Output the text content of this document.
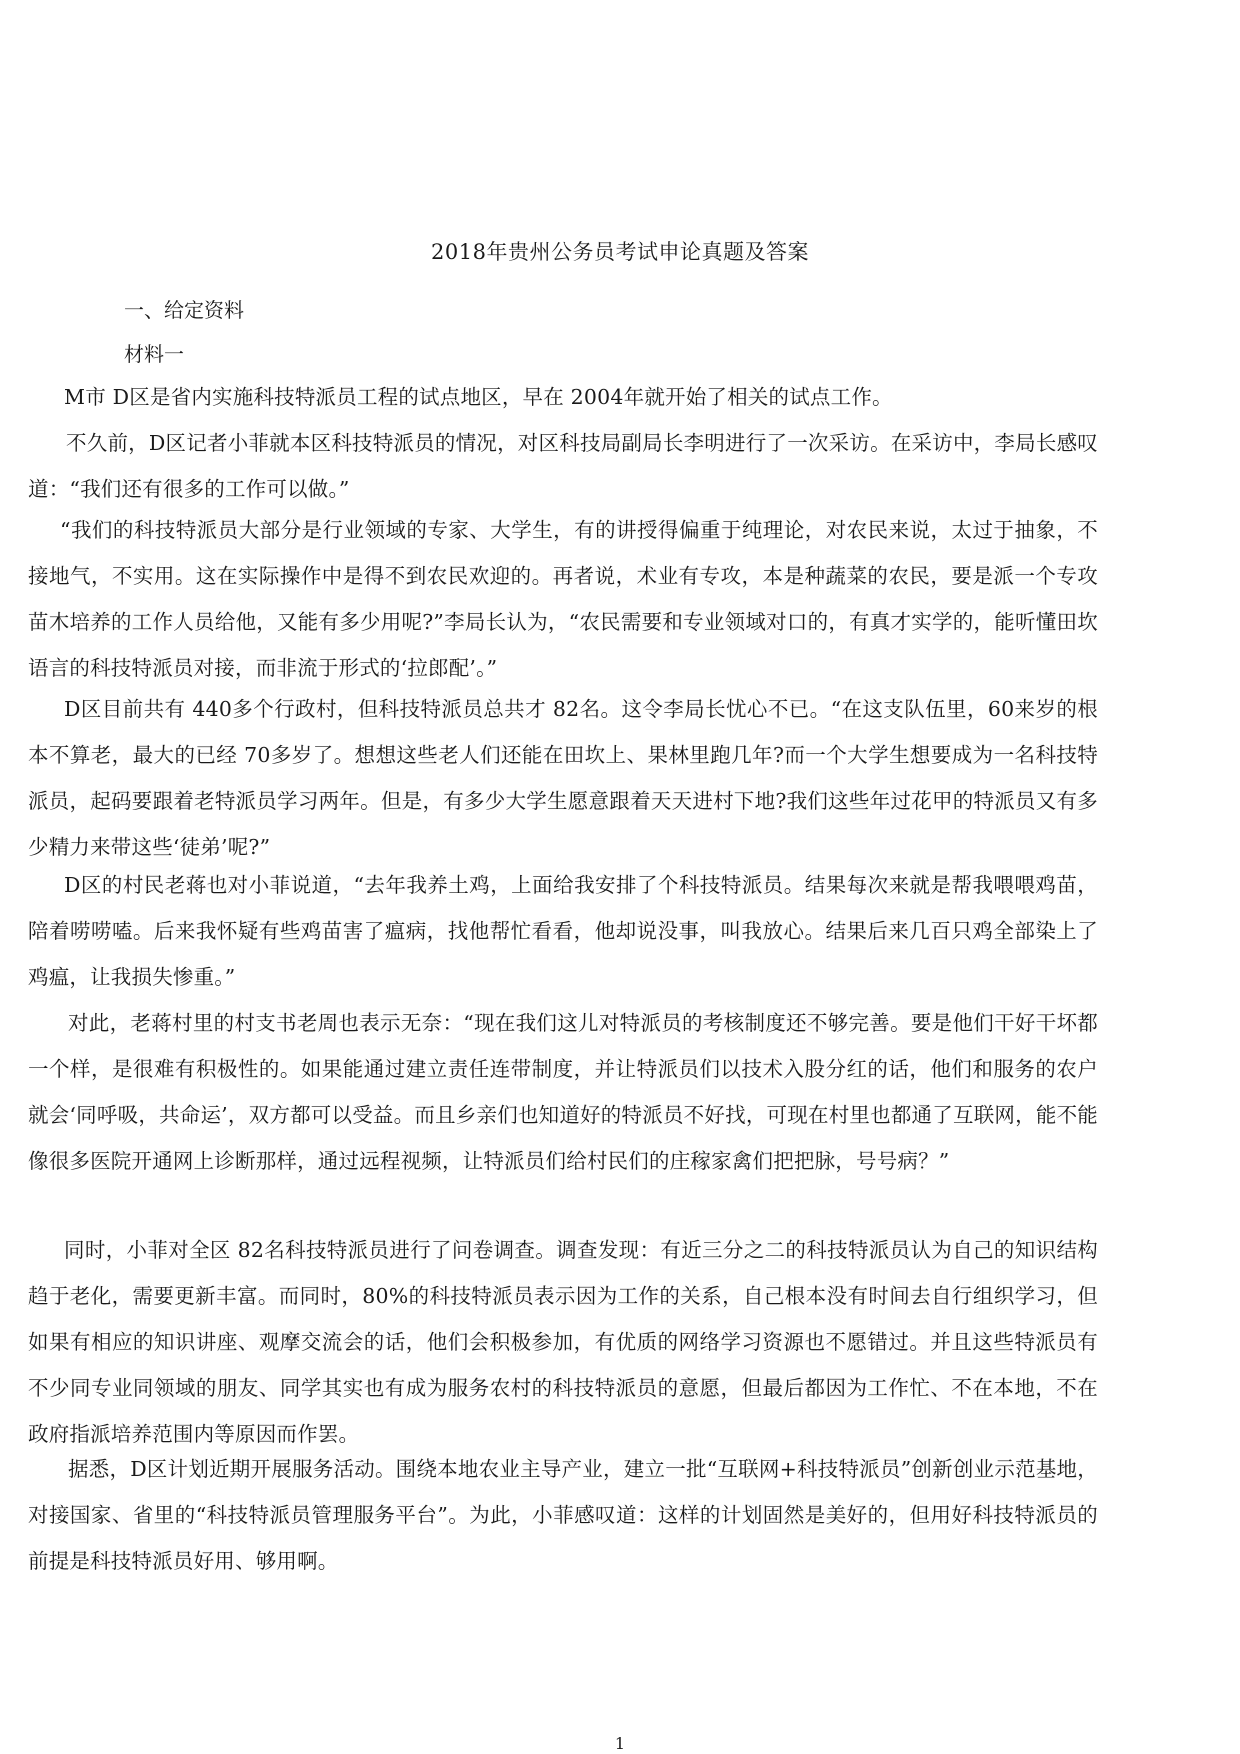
2018年贵州公务员考试申论真题及答案
一、给定资料
材料一
M市 D区是省内实施科技特派员工程的试点地区，早在 2004年就开始了相关的试点工作。
不久前，D区记者小菲就本区科技特派员的情况，对区科技局副局长李明进行了一次采访。在采访中，李局长感叹道：“我们还有很多的工作可以做。”
“我们的科技特派员大部分是行业领域的专家、大学生，有的讲授得偏重于纯理论，对农民来说，太过于抽象，不接地气，不实用。这在实际操作中是得不到农民欢迎的。再者说，术业有专攻，本是种蔬菜的农民，要是派一个专攻苗木培养的工作人员给他，又能有多少用呢?”李局长认为，“农民需要和专业领域对口的，有真才实学的，能听懂田坎语言的科技特派员对接，而非流于形式的‘拉郎配’。”
D区目前共有 440多个行政村，但科技特派员总共才 82名。这令李局长忧心不已。“在这支队伍里，60来岁的根本不算老，最大的已经 70多岁了。想想这些老人们还能在田坎上、果林里跑几年?而一个大学生想要成为一名科技特派员，起码要跟着老特派员学习两年。但是，有多少大学生愿意跟着天天进村下地?我们这些年过花甲的特派员又有多少精力来带这些‘徒弟’呢?”
D区的村民老蒋也对小菲说道，“去年我养土鸡，上面给我安排了个科技特派员。结果每次来就是帮我喂喂鸡苗，陪着唠唠嗑。后来我怀疑有些鸡苗害了瘟病，找他帮忙看看，他却说没事，叫我放心。结果后来几百只鸡全部染上了鸡瘟，让我损失惨重。”
对此，老蒋村里的村支书老周也表示无奈：“现在我们这儿对特派员的考核制度还不够完善。要是他们干好干坏都一个样，是很难有积极性的。如果能通过建立责任连带制度，并让特派员们以技术入股分红的话，他们和服务的农户就会‘同呼吸，共命运’，双方都可以受益。而且乡亲们也知道好的特派员不好找，可现在村里也都通了互联网，能不能像很多医院开通网上诊断那样，通过远程视频，让特派员们给村民们的庄稼家禽们把把脉，号号病？”
同时，小菲对全区 82名科技特派员进行了问卷调查。调查发现：有近三分之二的科技特派员认为自己的知识结构趋于老化，需要更新丰富。而同时，80%的科技特派员表示因为工作的关系，自己根本没有时间去自行组织学习，但如果有相应的知识讲座、观摩交流会的话，他们会积极参加，有优质的网络学习资源也不愿错过。并且这些特派员有不少同专业同领域的朋友、同学其实也有成为服务农村的科技特派员的意愿，但最后都因为工作忙、不在本地，不在政府指派培养范围内等原因而作罢。
据悉，D区计划近期开展服务活动。围绕本地农业主导产业，建立一批“互联网+科技特派员”创新创业示范基地，对接国家、省里的“科技特派员管理服务平台”。为此，小菲感叹道：这样的计划固然是美好的，但用好科技特派员的前提是科技特派员好用、够用啊。
1
